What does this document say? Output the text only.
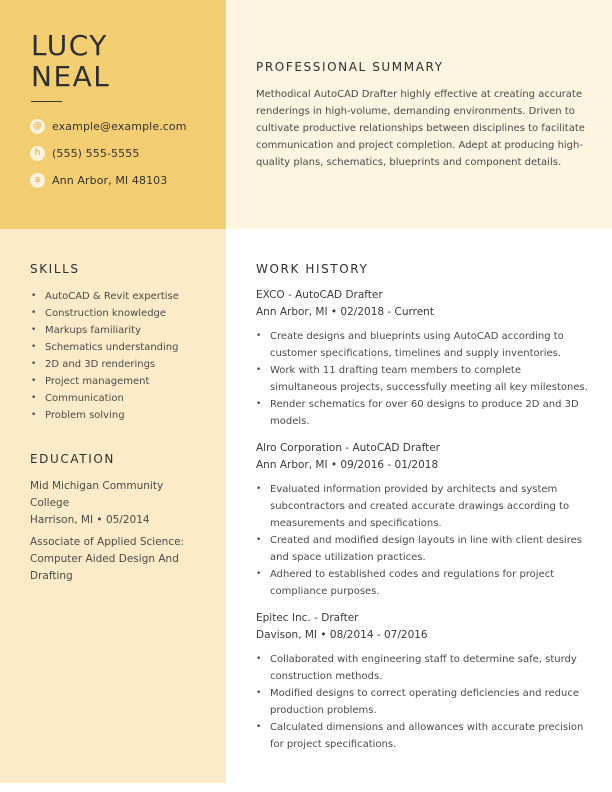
LUCY
NEAL
@ example@example.com
h	(555) 555-5555
a	Ann Arbor, MI 48103
PROFESSIONAL SUMMARY
Methodical AutoCAD Drafter highly effective at creating accurate renderings in high-volume, demanding environments. Driven to cultivate productive relationships between disciplines to facilitate communication and project completion. Adept at producing high-quality plans, schematics, blueprints and component details.
SKILLS
• AutoCAD & Revit expertise
• Construction knowledge
• Markups familiarity
• Schematics understanding
• 2D and 3D renderings
• Project management
• Communication
• Problem solving
EDUCATION
Mid Michigan Community College
Harrison, MI • 05/2014
Associate of Applied Science: Computer Aided Design And Drafting
WORK HISTORY
EXCO - AutoCAD Drafter
Ann Arbor, MI • 02/2018 - Current
• Create designs and blueprints using AutoCAD according to customer specifications, timelines and supply inventories.
• Work with 11 drafting team members to complete simultaneous projects, successfully meeting all key milestones.
• Render schematics for over 60 designs to produce 2D and 3D models.
Alro Corporation - AutoCAD Drafter
Ann Arbor, MI • 09/2016 - 01/2018
• Evaluated information provided by architects and system subcontractors and created accurate drawings according to measurements and specifications.
• Created and modified design layouts in line with client desires and space utilization practices.
• Adhered to established codes and regulations for project compliance purposes.
Epitec Inc. - Drafter
Davison, MI • 08/2014 - 07/2016
• Collaborated with engineering staff to determine safe, sturdy construction methods.
• Modified designs to correct operating deficiencies and reduce production problems.
• Calculated dimensions and allowances with accurate precision for project specifications.
